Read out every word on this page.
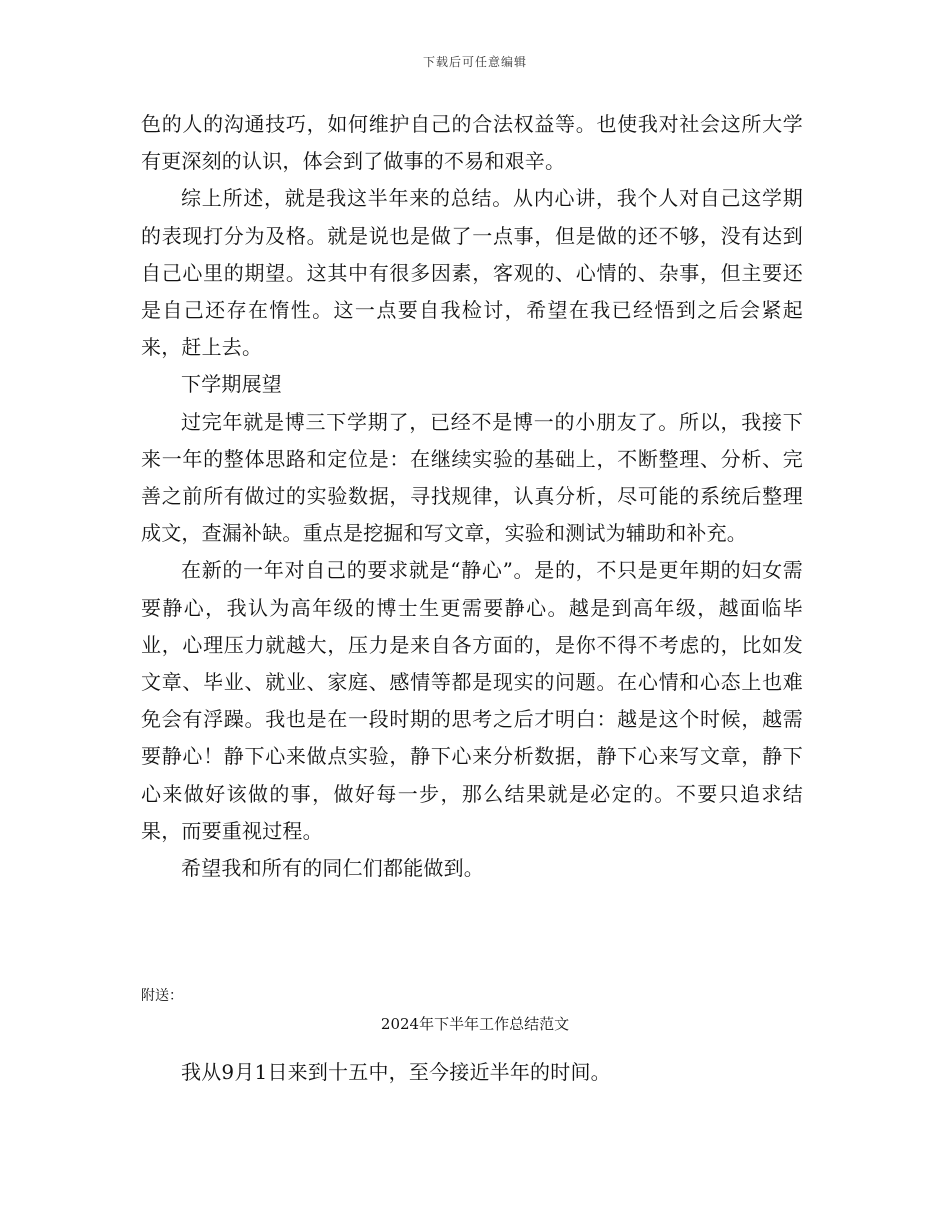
下载后可任意编辑

色的人的沟通技巧，如何维护自己的合法权益等。也使我对社会这所大学有更深刻的认识，体会到了做事的不易和艰辛。

综上所述，就是我这半年来的总结。从内心讲，我个人对自己这学期的表现打分为及格。就是说也是做了一点事，但是做的还不够，没有达到自己心里的期望。这其中有很多因素，客观的、心情的、杂事，但主要还是自己还存在惰性。这一点要自我检讨，希望在我已经悟到之后会紧起来，赶上去。

下学期展望

过完年就是博三下学期了，已经不是博一的小朋友了。所以，我接下来一年的整体思路和定位是：在继续实验的基础上，不断整理、分析、完善之前所有做过的实验数据，寻找规律，认真分析，尽可能的系统后整理成文，查漏补缺。重点是挖掘和写文章，实验和测试为辅助和补充。

在新的一年对自己的要求就是“静心”。是的，不只是更年期的妇女需要静心，我认为高年级的博士生更需要静心。越是到高年级，越面临毕业，心理压力就越大，压力是来自各方面的，是你不得不考虑的，比如发文章、毕业、就业、家庭、感情等都是现实的问题。在心情和心态上也难免会有浮躁。我也是在一段时期的思考之后才明白：越是这个时候，越需要静心！静下心来做点实验，静下心来分析数据，静下心来写文章，静下心来做好该做的事，做好每一步，那么结果就是必定的。不要只追求结果，而要重视过程。

希望我和所有的同仁们都能做到。

附送：
2024年下半年工作总结范文

我从9月1日来到十五中，至今接近半年的时间。
